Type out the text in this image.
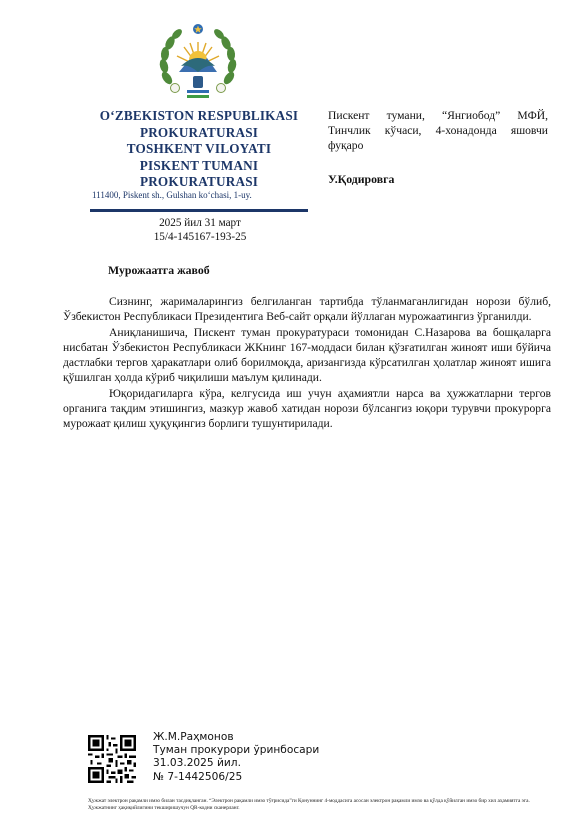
O‘ZBEKISTON RESPUBLIKASI
PROKURATURASI
TOSHKENT VILOYATI
PISKENT TUMANI
PROKURATURASI
111400, Piskent sh., Gulshan ko‘chasi, 1-uy.
2025 йил 31 март
15/4-145167-193-25
Пискент тумани, “Янгиобод” МФЙ, Тинчлик кўчаси, 4-хонадонда яшовчи фуқаро
У.Қодировга
Мурожаатга жавоб

Сизнинг, жарималарингиз белгиланган тартибда тўланмаганлигидан норози бўлиб, Ўзбекистон Республикаси Президентига Веб-сайт орқали йўллаган мурожаатингиз ўрганилди.

Аниқланишича, Пискент туман прокуратураси томонидан С.Назарова ва бошқаларга нисбатан Ўзбекистон Республикаси ЖКнинг 167-моддаси билан қўзғатилган жиноят иши бўйича дастлабки тергов ҳаракатлари олиб борилмоқда, аризангизда кўрсатилган ҳолатлар жиноят ишига қўшилган ҳолда кўриб чиқилиши маълум қилинади.

Юқоридагиларга кўра, келгусида иш учун аҳамиятли нарса ва ҳужжатларни тергов органига тақдим этишингиз, мазкур жавоб хатидан норози бўлсангиз юқори турувчи прокурорга мурожаат қилиш ҳуқуқингиз борлиги тушунтирилади.

Ж.М.Раҳмонов
Туман прокурори ўринбосари
31.03.2025 йил.
№ 7-1442506/25
Ҳужжат электрон рақамли имзо билан тасдиқланган. “Электрон рақамли имзо тўғрисида”ги Қонуннинг 4-моддасига асосан электрон рақамли имзо ва қўлда қўйилган имзо бир хил аҳамиятга эга. Ҳужжатнинг ҳақиқийлигини текширишучун QR-кодни сканерланг.
